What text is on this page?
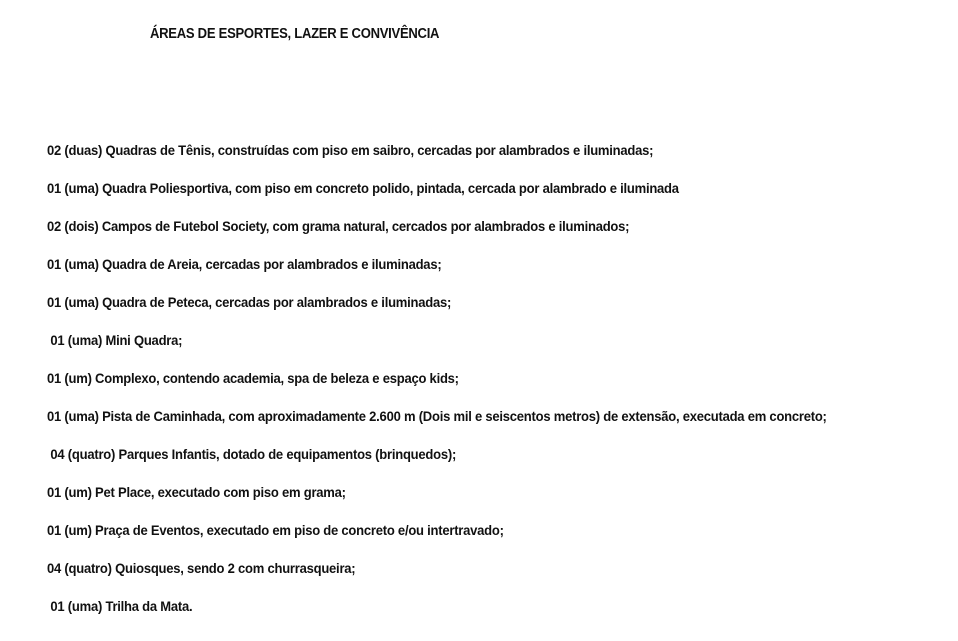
ÁREAS DE ESPORTES, LAZER E CONVIVÊNCIA
02 (duas) Quadras de Tênis, construídas com piso em saibro, cercadas por alambrados e iluminadas;
01 (uma) Quadra Poliesportiva, com piso em concreto polido, pintada, cercada por alambrado e iluminada
02 (dois) Campos de Futebol Society, com grama natural, cercados por alambrados e iluminados;
01 (uma) Quadra de Areia, cercadas por alambrados e iluminadas;
01 (uma) Quadra de Peteca, cercadas por alambrados e iluminadas;
01 (uma) Mini Quadra;
01 (um) Complexo, contendo academia, spa de beleza e espaço kids;
01 (uma) Pista de Caminhada, com aproximadamente 2.600 m (Dois mil e seiscentos metros) de extensão, executada em concreto;
04 (quatro) Parques Infantis, dotado de equipamentos (brinquedos);
01 (um) Pet Place, executado com piso em grama;
01 (um) Praça de Eventos, executado em piso de concreto e/ou intertravado;
04 (quatro) Quiosques, sendo 2 com churrasqueira;
01 (uma) Trilha da Mata.
